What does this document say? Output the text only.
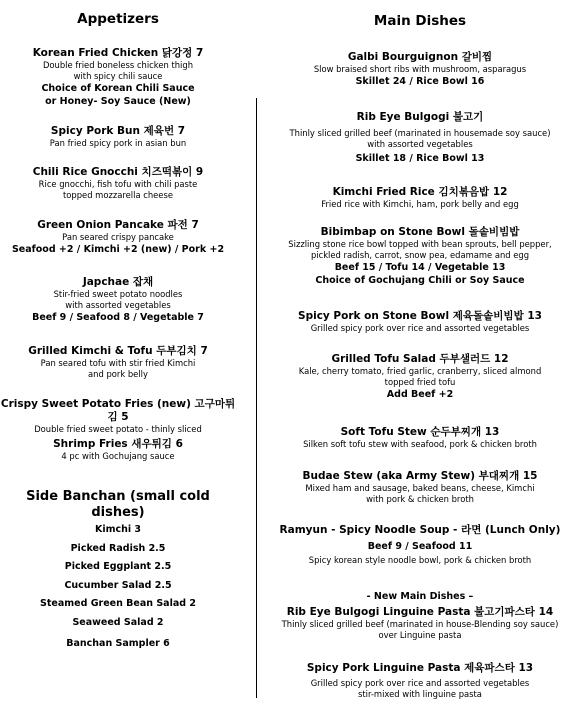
Appetizers
Korean Fried Chicken 닭강정 7
Double fried boneless chicken thigh
with spicy chili sauce
Choice of Korean Chili Sauce
or Honey- Soy Sauce (New)
Spicy Pork Bun 제육번 7
Pan fried spicy pork in asian bun
Chili Rice Gnocchi 치즈떡볶이 9
Rice gnocchi, fish tofu with chili paste
topped mozzarella cheese
Green Onion Pancake 파전 7
Pan seared crispy pancake
Seafood +2 / Kimchi +2 (new) / Pork +2
Japchae 잡채
Stir-fried sweet potato noodles
with assorted vegetables
Beef 9 / Seafood 8 / Vegetable 7
Grilled Kimchi & Tofu 두부김치 7
Pan seared tofu with stir fried Kimchi
and pork belly
Crispy Sweet Potato Fries (new) 고구마튀김 5
Double fried sweet potato - thinly sliced
Shrimp Fries 새우튀김 6
4 pc with Gochujang sauce
Side Banchan (small cold dishes)
Kimchi 3
Picked Radish 2.5
Picked Eggplant 2.5
Cucumber Salad 2.5
Steamed Green Bean Salad 2
Seaweed Salad 2
Banchan Sampler 6
Main Dishes
Galbi Bourguignon 갈비찜
Slow braised short ribs with mushroom, asparagus
Skillet 24 / Rice Bowl 16
Rib Eye Bulgogi 불고기
Thinly sliced grilled beef (marinated in housemade soy sauce)
with assorted vegetables
Skillet 18 / Rice Bowl 13
Kimchi Fried Rice 김치볶음밥 12
Fried rice with Kimchi, ham, pork belly and egg
Bibimbap on Stone Bowl 돌솥비빔밥
Sizzling stone rice bowl topped with bean sprouts, bell pepper,
pickled radish, carrot, snow pea, edamame and egg
Beef 15 / Tofu 14 / Vegetable 13
Choice of Gochujang Chili or Soy Sauce
Spicy Pork on Stone Bowl 제육돌솥비빔밥 13
Grilled spicy pork over rice and assorted vegetables
Grilled Tofu Salad 두부샐러드 12
Kale, cherry tomato, fried garlic, cranberry, sliced almond
topped fried tofu
Add Beef +2
Soft Tofu Stew 순두부찌개 13
Silken soft tofu stew with seafood, pork & chicken broth
Budae Stew (aka Army Stew) 부대찌개 15
Mixed ham and sausage, baked beans, cheese, Kimchi
with pork & chicken broth
Ramyun - Spicy Noodle Soup - 라면 (Lunch Only)
Beef 9 / Seafood 11
Spicy korean style noodle bowl, pork & chicken broth
- New Main Dishes –
Rib Eye Bulgogi Linguine Pasta 불고기파스타 14
Thinly sliced grilled beef (marinated in house-Blending soy sauce)
over Linguine pasta
Spicy Pork Linguine Pasta 제육파스타 13
Grilled spicy pork over rice and assorted vegetables
stir-mixed with linguine pasta
